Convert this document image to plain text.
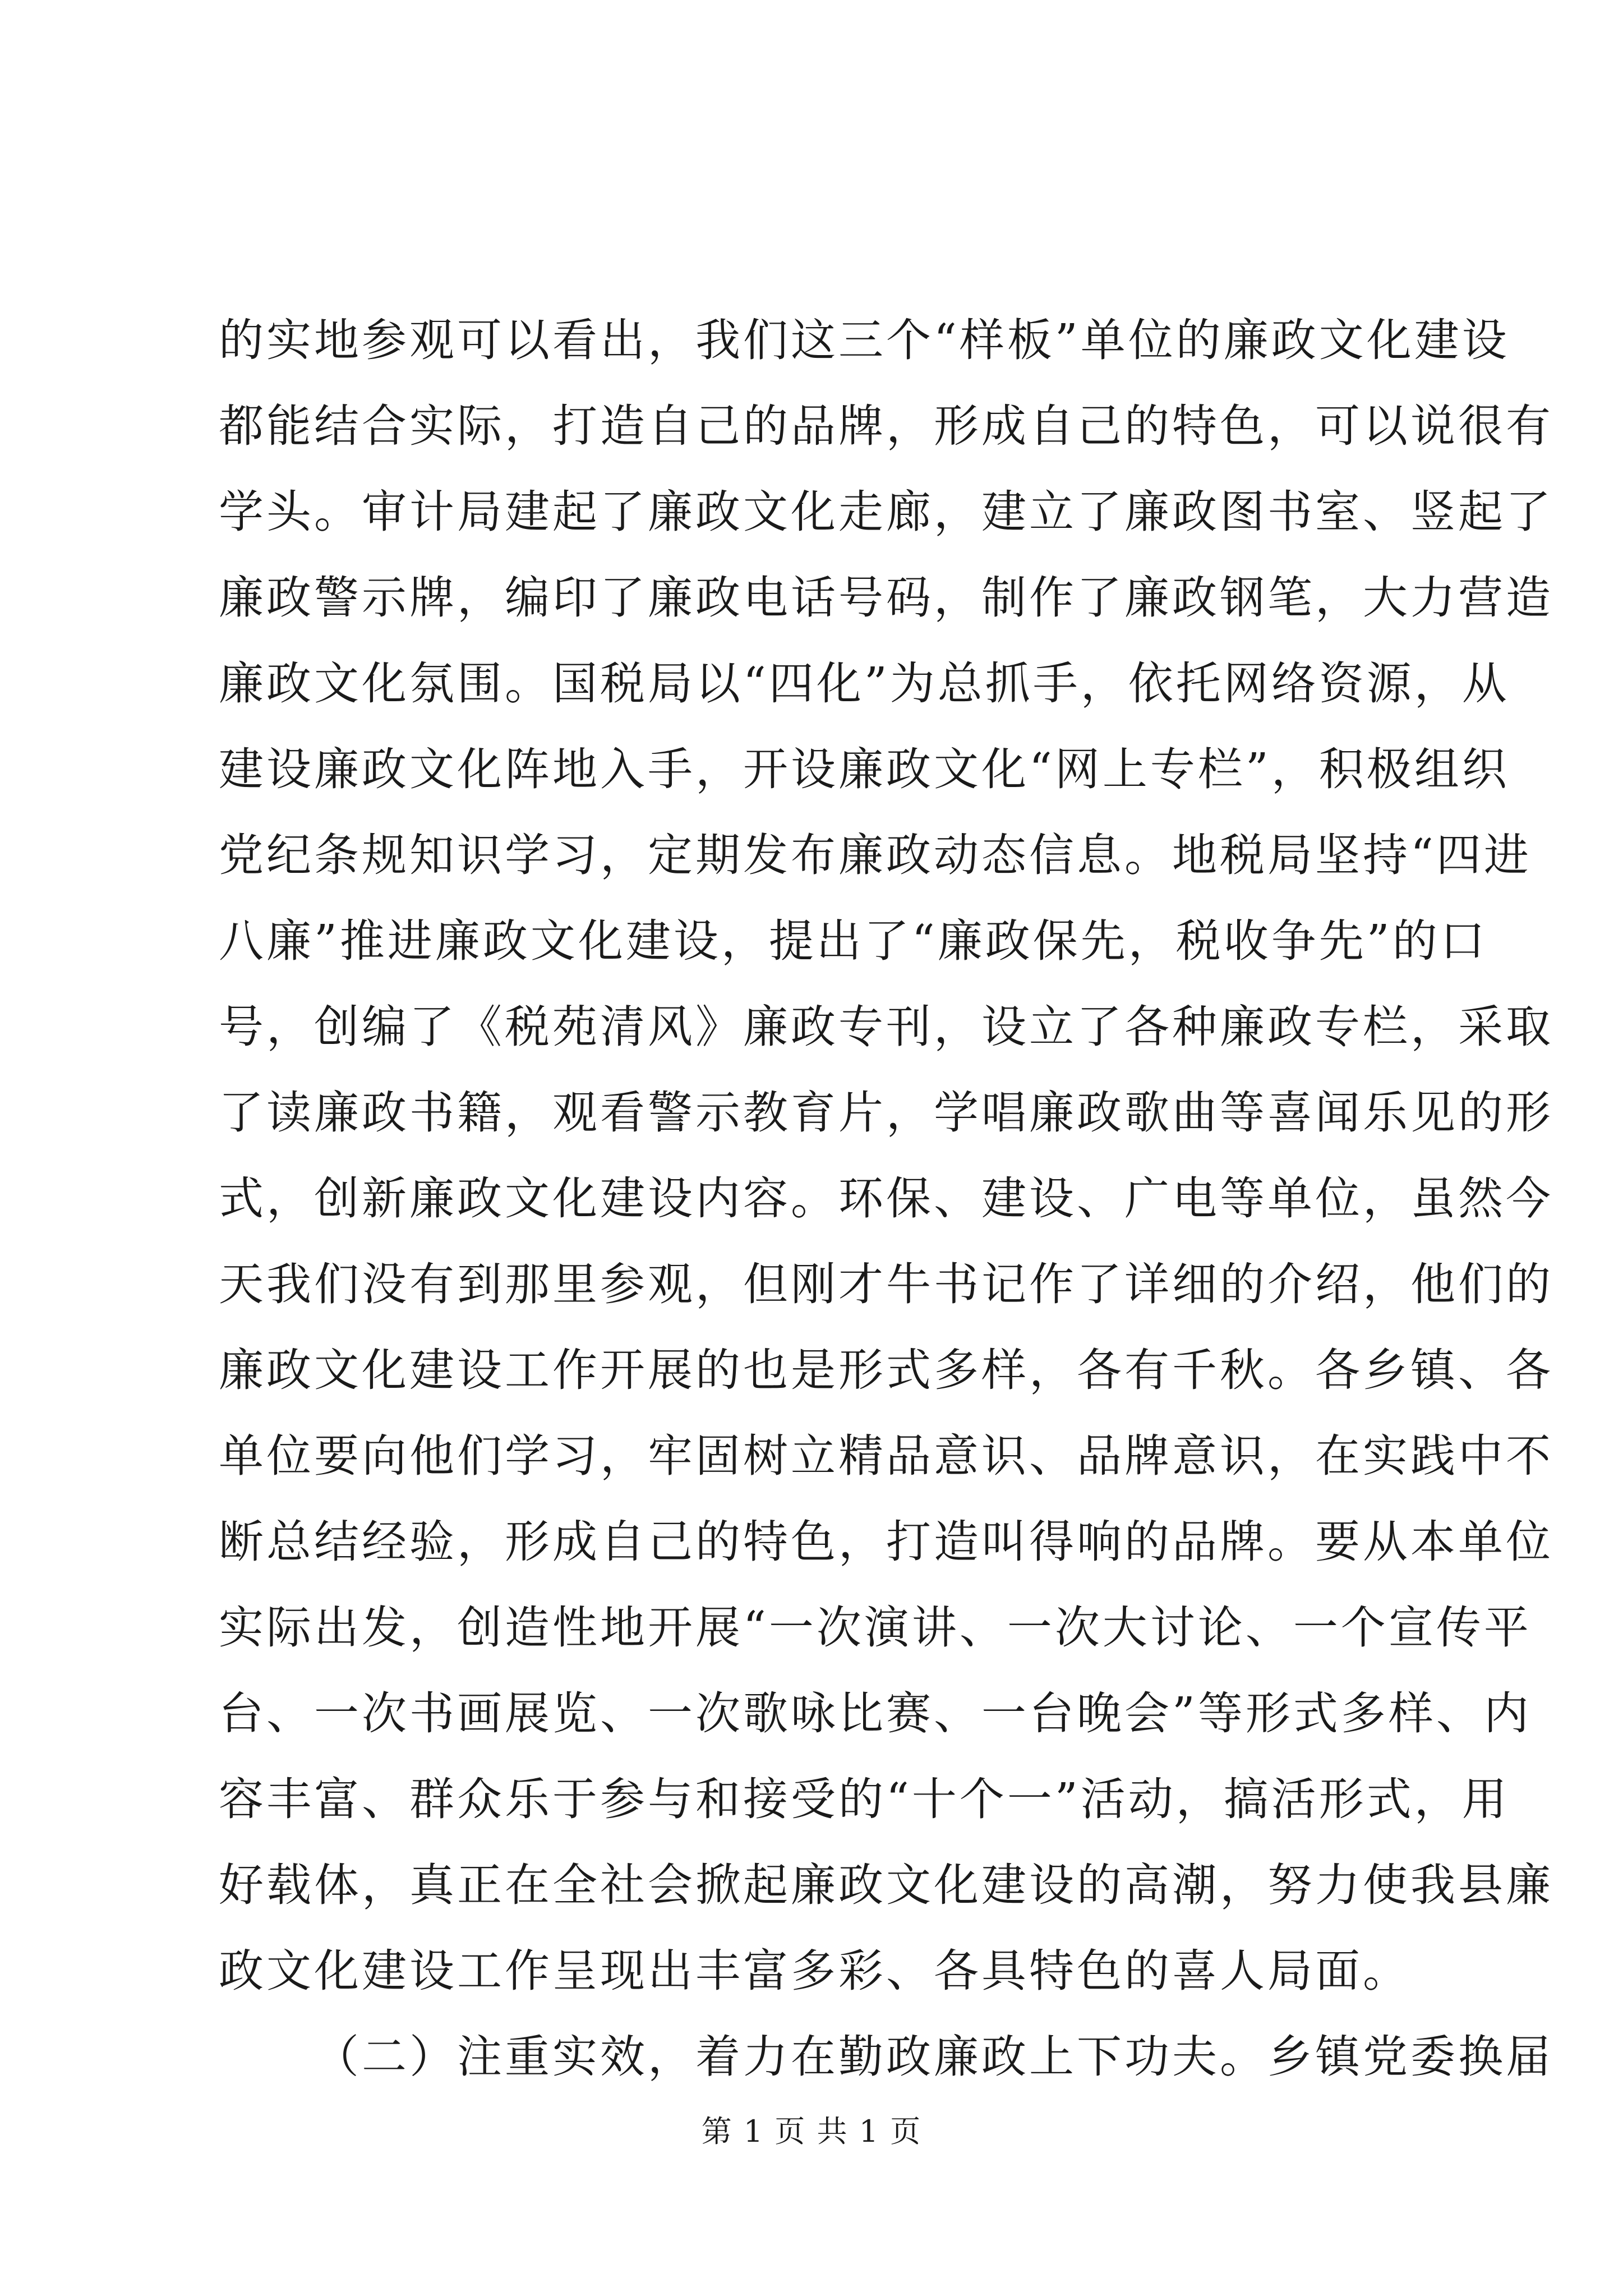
的实地参观可以看出，我们这三个“样板”单位的廉政文化建设
都能结合实际，打造自己的品牌，形成自己的特色，可以说很有
学头。审计局建起了廉政文化走廊，建立了廉政图书室、竖起了
廉政警示牌，编印了廉政电话号码，制作了廉政钢笔，大力营造
廉政文化氛围。国税局以“四化”为总抓手，依托网络资源，从
建设廉政文化阵地入手，开设廉政文化“网上专栏”，积极组织
党纪条规知识学习，定期发布廉政动态信息。地税局坚持“四进
八廉”推进廉政文化建设，提出了“廉政保先，税收争先”的口
号，创编了《税苑清风》廉政专刊，设立了各种廉政专栏，采取
了读廉政书籍，观看警示教育片，学唱廉政歌曲等喜闻乐见的形
式，创新廉政文化建设内容。环保、建设、广电等单位，虽然今
天我们没有到那里参观，但刚才牛书记作了详细的介绍，他们的
廉政文化建设工作开展的也是形式多样，各有千秋。各乡镇、各
单位要向他们学习，牢固树立精品意识、品牌意识，在实践中不
断总结经验，形成自己的特色，打造叫得响的品牌。要从本单位
实际出发，创造性地开展“一次演讲、一次大讨论、一个宣传平
台、一次书画展览、一次歌咏比赛、一台晚会”等形式多样、内
容丰富、群众乐于参与和接受的“十个一”活动，搞活形式，用
好载体，真正在全社会掀起廉政文化建设的高潮，努力使我县廉
政文化建设工作呈现出丰富多彩、各具特色的喜人局面。
（二）注重实效，着力在勤政廉政上下功夫。乡镇党委换届
第 1 页 共 1 页
